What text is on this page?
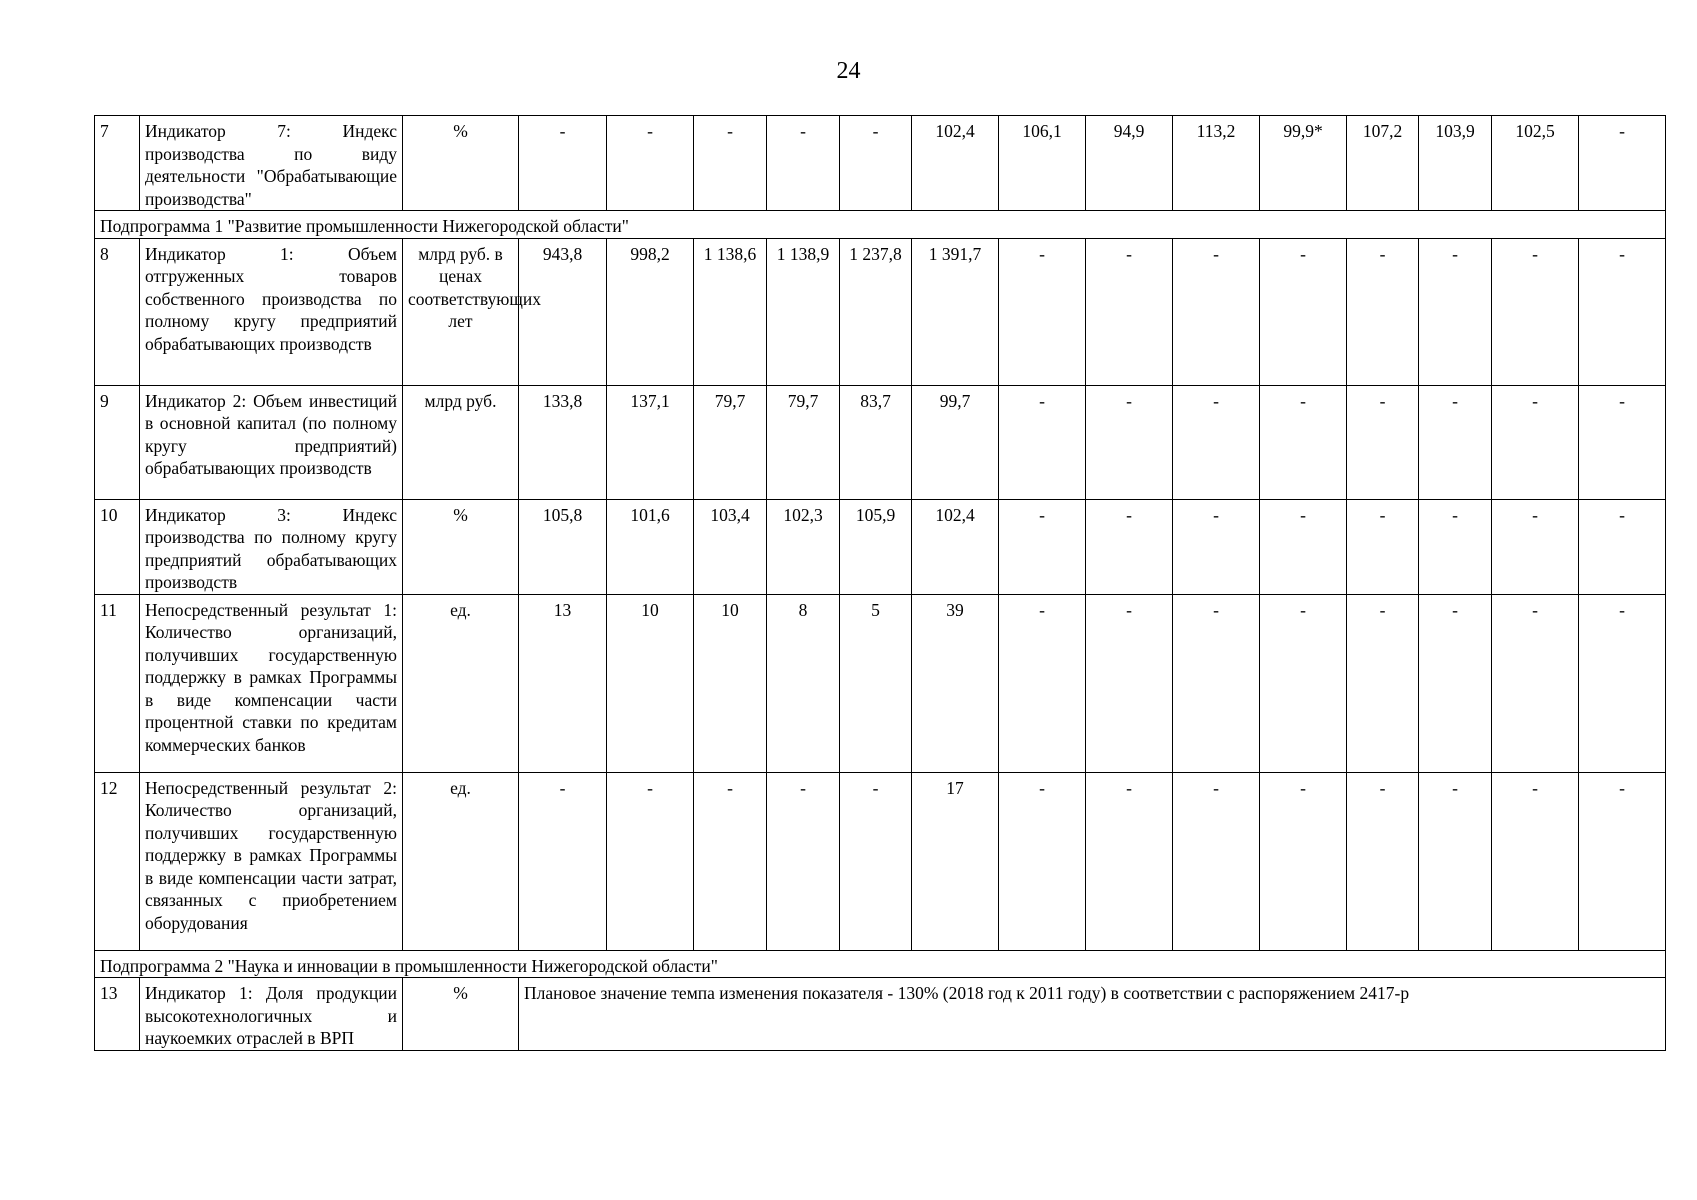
24
7	Индикатор 7: Индекс производства по виду деятельности "Обрабатывающие производства"	%	-	-	-	-	-	102,4	106,1	94,9	113,2	99,9*	107,2	103,9	102,5	-
Подпрограмма 1 "Развитие промышленности Нижегородской области"																
8	Индикатор 1: Объем отгруженных товаров собственного производства по полному кругу предприятий обрабатывающих производств	млрд руб. в ценах соответствующих лет	943,8	998,2	1 138,6	1 138,9	1 237,8	1 391,7	-	-	-	-	-	-	-	-
9	Индикатор 2: Объем инвестиций в основной капитал (по полному кругу предприятий) обрабатывающих производств	млрд руб.	133,8	137,1	79,7	79,7	83,7	99,7	-	-	-	-	-	-	-	-
10	Индикатор 3: Индекс производства по полному кругу предприятий обрабатывающих производств	%	105,8	101,6	103,4	102,3	105,9	102,4	-	-	-	-	-	-	-	-
11	Непосредственный результат 1: Количество организаций, получивших государственную поддержку в рамках Программы в виде компенсации части процентной ставки по кредитам коммерческих банков	ед.	13	10	10	8	5	39	-	-	-	-	-	-	-	-
12	Непосредственный результат 2: Количество организаций, получивших государственную поддержку в рамках Программы в виде компенсации части затрат, связанных с приобретением оборудования	ед.	-	-	-	-	-	17	-	-	-	-	-	-	-	-
Подпрограмма 2 "Наука и инновации в промышленности Нижегородской области"																
13	Индикатор 1: Доля продукции высокотехнологичных и наукоемких отраслей в ВРП	%	Плановое значение темпа изменения показателя - 130% (2018 год к 2011 году) в соответствии с распоряжением 2417-р													
